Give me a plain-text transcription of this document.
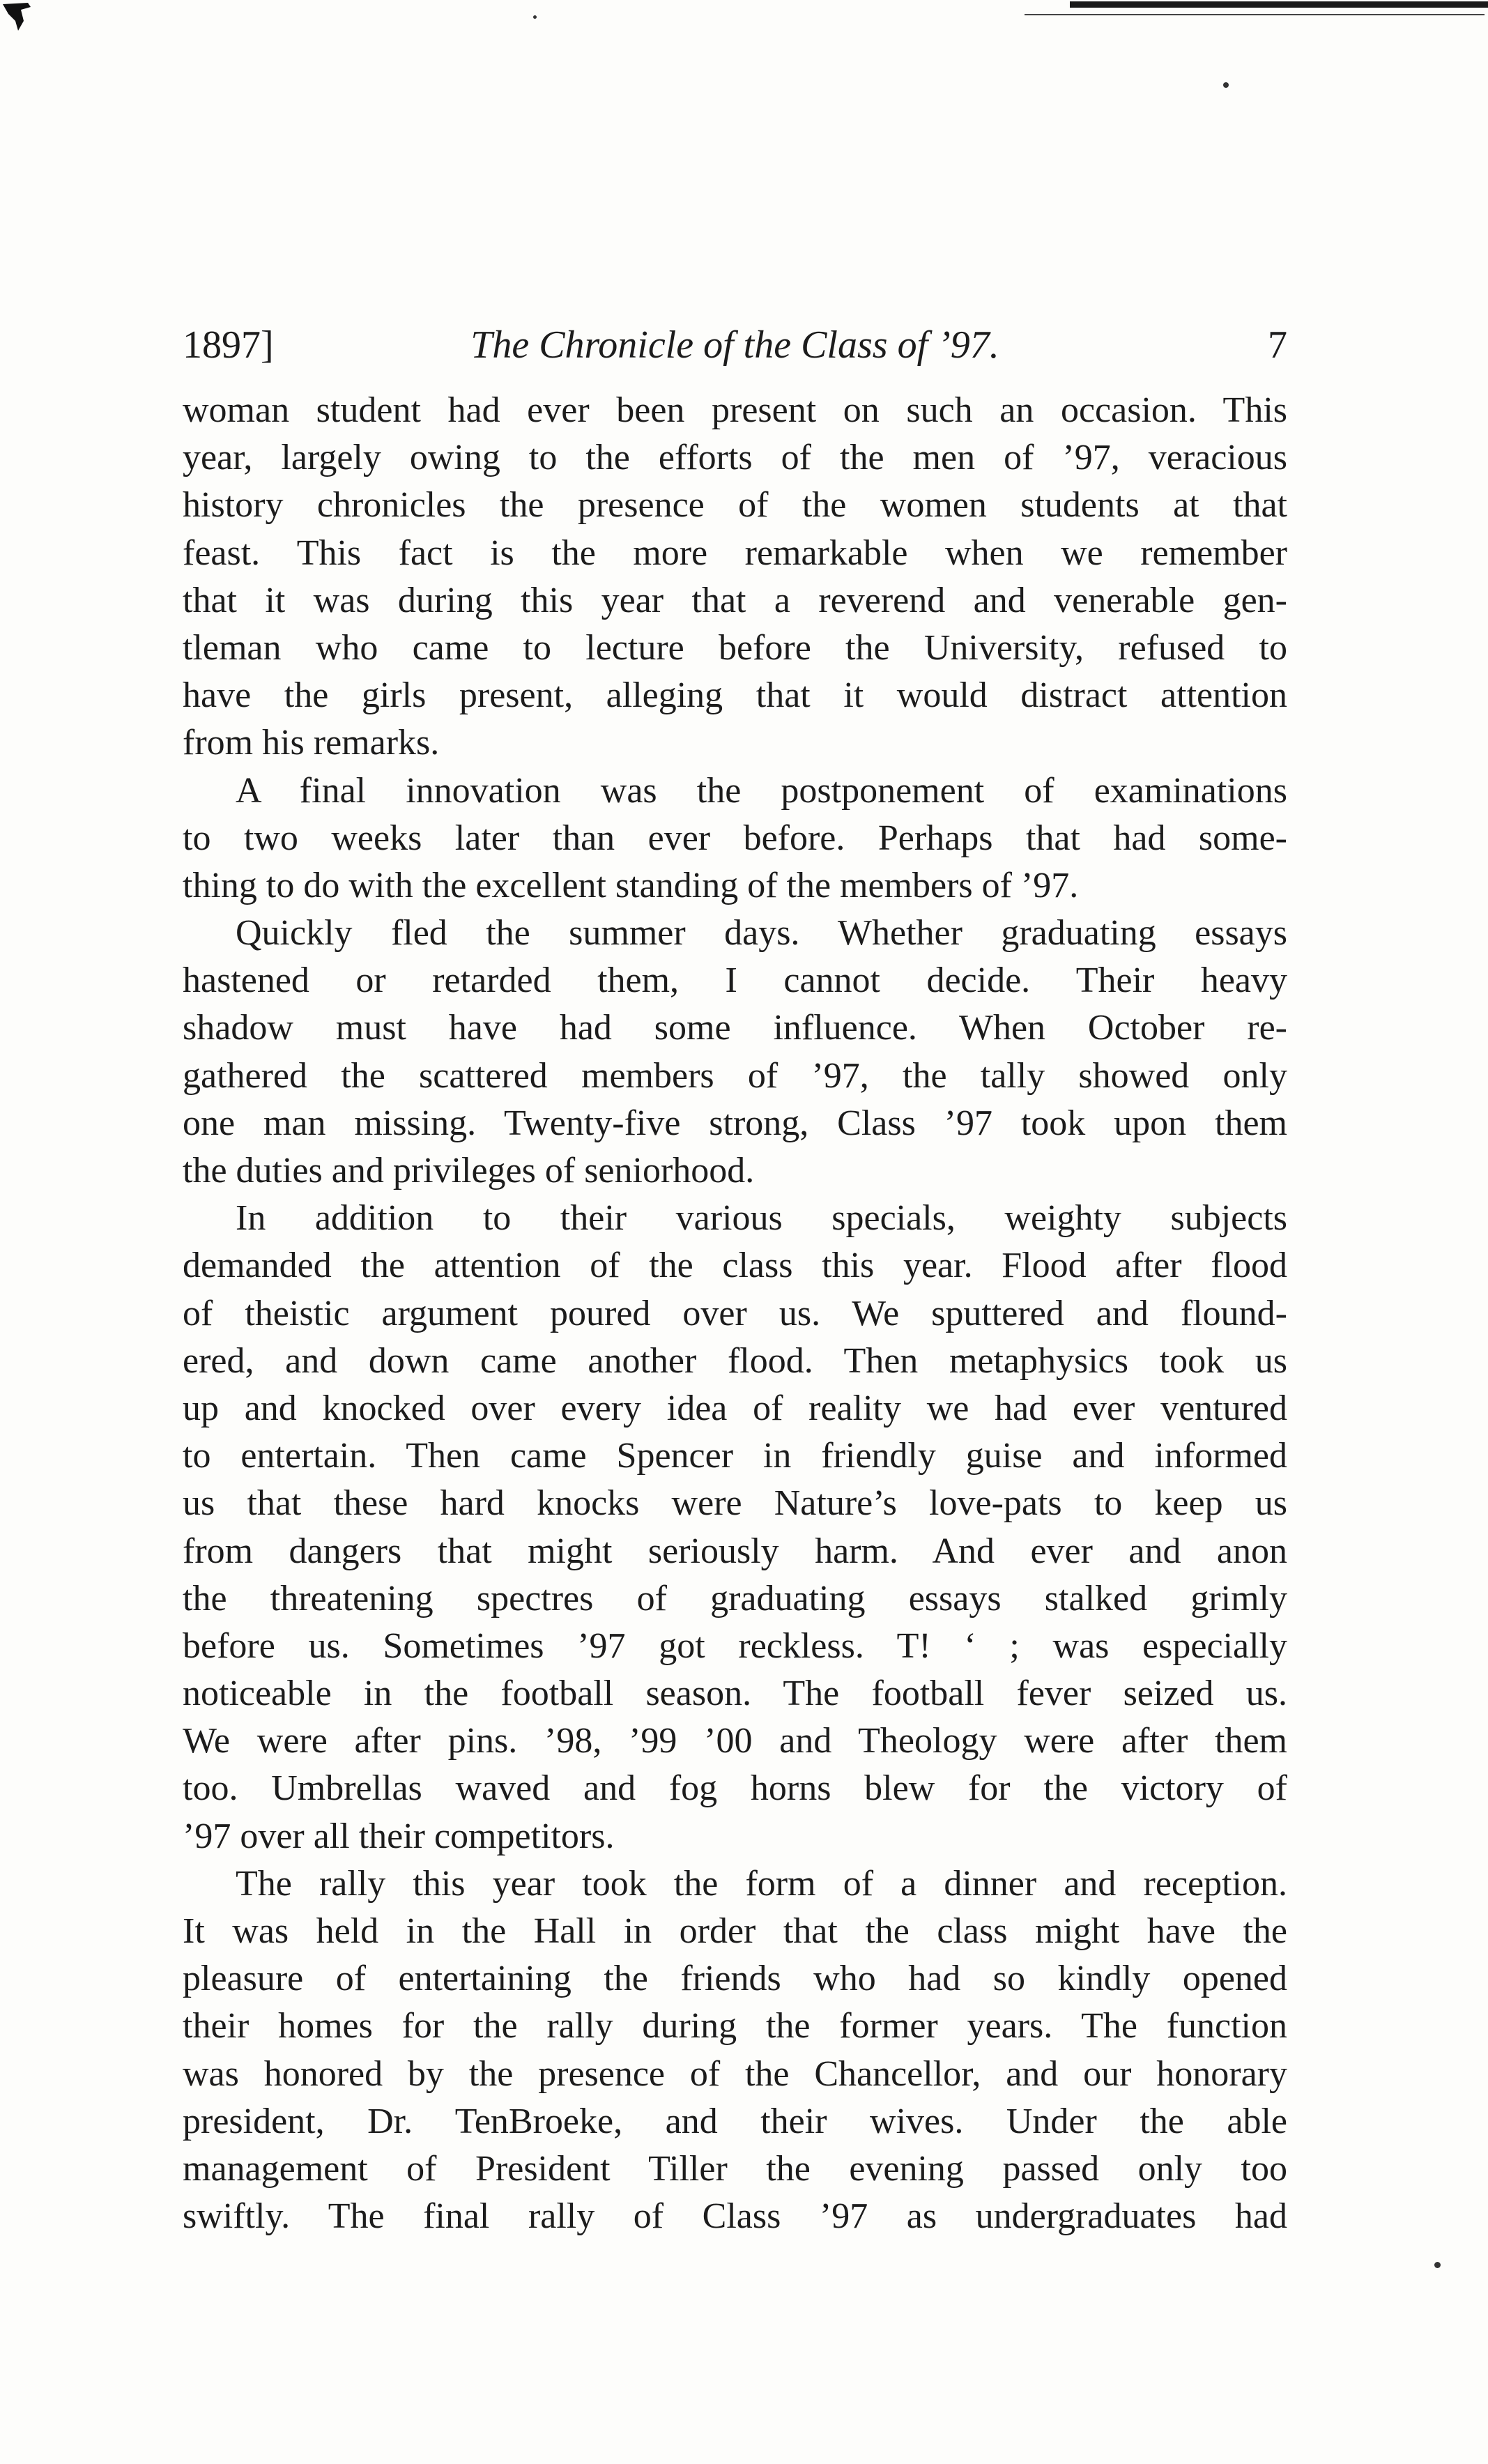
1897]	The Chronicle of the Class of ’97.	7
woman student had ever been present on such an occasion. This
year, largely owing to the efforts of the men of ’97, veracious
history chronicles the presence of the women students at that
feast. This fact is the more remarkable when we remember
that it was during this year that a reverend and venerable gen-
tleman who came to lecture before the University, refused to
have the girls present, alleging that it would distract attention
from his remarks.
A final innovation was the postponement of examinations
to two weeks later than ever before. Perhaps that had some-
thing to do with the excellent standing of the members of ’97.
Quickly fled the summer days. Whether graduating essays
hastened or retarded them, I cannot decide. Their heavy
shadow must have had some influence. When October re-
gathered the scattered members of ’97, the tally showed only
one man missing. Twenty-five strong, Class ’97 took upon them
the duties and privileges of seniorhood.
In addition to their various specials, weighty subjects
demanded the attention of the class this year. Flood after flood
of theistic argument poured over us. We sputtered and flound-
ered, and down came another flood. Then metaphysics took us
up and knocked over every idea of reality we had ever ventured
to entertain. Then came Spencer in friendly guise and informed
us that these hard knocks were Nature’s love-pats to keep us
from dangers that might seriously harm. And ever and anon
the threatening spectres of graduating essays stalked grimly
before us. Sometimes ’97 got reckless. T! ‘ ; was especially
noticeable in the football season. The football fever seized us.
We were after pins. ’98, ’99 ’00 and Theology were after them
too. Umbrellas waved and fog horns blew for the victory of
’97 over all their competitors.
The rally this year took the form of a dinner and reception.
It was held in the Hall in order that the class might have the
pleasure of entertaining the friends who had so kindly opened
their homes for the rally during the former years. The function
was honored by the presence of the Chancellor, and our honorary
president, Dr. TenBroeke, and their wives. Under the able
management of President Tiller the evening passed only too
swiftly. The final rally of Class ’97 as undergraduates had
